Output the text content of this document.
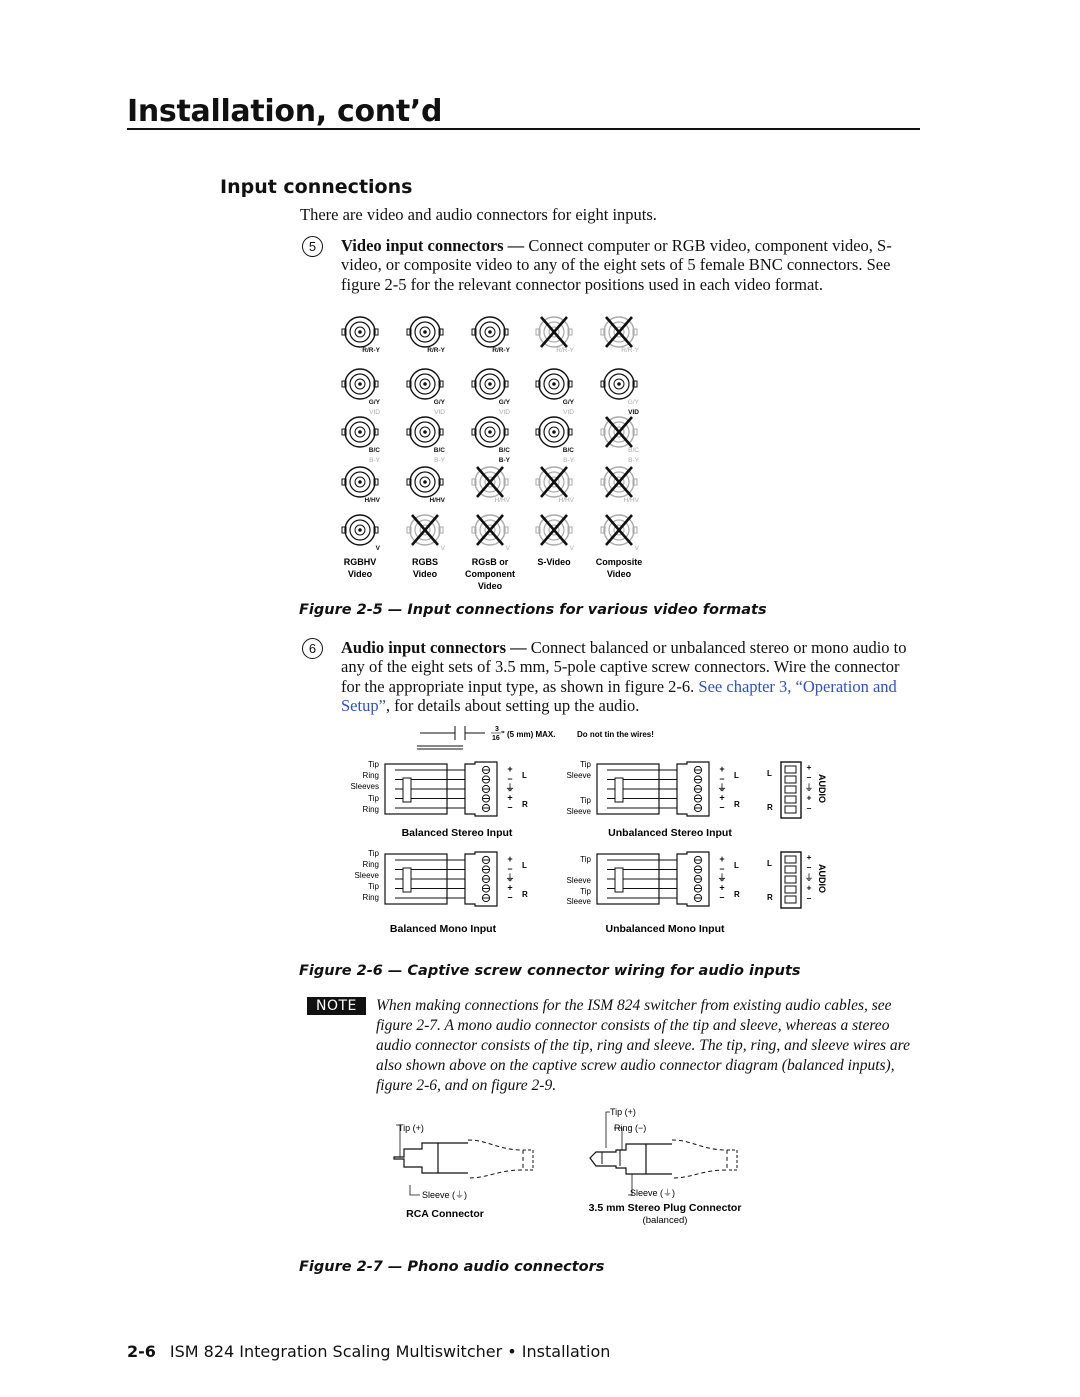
Installation, cont’d
Input connections
There are video and audio connectors for eight inputs.
5	Video input connectors — Connect computer or RGB video, component video, S-video, or composite video to any of the eight sets of 5 female BNC connectors. See figure 2-5 for the relevant connector positions used in each video format.
R/R-Y	R/R-Y	R/R-Y	R/R-Y	R/R-Y
G/Y
VID
G/Y
VID
G/Y
VID
G/Y
VID
G/Y
VID
B/C
B-Y
B/C
B-Y
B/C
B-Y
B/C
B-Y
B/C
B-Y
H/HV	H/HV	H/HV	H/HV	H/HV
V	V	V	V	V
RGBHV
Video
RGBS
Video
RGsB or
Component
Video
S-Video	Composite
Video
Figure 2-5 — Input connections for various video formats
6	Audio input connectors — Connect balanced or unbalanced stereo or mono audio to any of the eight sets of 3.5 mm, 5-pole captive screw connectors. Wire the connector for the appropriate input type, as shown in figure 2-6. See chapter 3, “Operation and Setup”, for details about setting up the audio.
3
16 " (5 mm) MAX.	Do not tin the wires!
Tip
Ring
Sleeves
Tip
Ring
+
–
⏚
+
–
L
R
Tip
Sleeve
Tip
Sleeve
+
–
⏚
+
–
L
R
Tip
Ring
Sleeve
Tip
Ring
+
–
⏚
+
–
L
R
Tip
Sleeve
Tip
Sleeve
+
–
⏚
+
–
L
R
+
–
⏚
+
–
AUDIO
L
R
+
–
⏚
+
–
AUDIO
L
R
Balanced Stereo Input	Unbalanced Stereo Input
Balanced Mono Input	Unbalanced Mono Input
Figure 2-6 — Captive screw connector wiring for audio inputs
NOTE	When making connections for the ISM 824 switcher from existing audio cables, see figure 2-7. A mono audio connector consists of the tip and sleeve, whereas a stereo audio connector consists of the tip, ring and sleeve. The tip, ring, and sleeve wires are also shown above on the captive screw audio connector diagram (balanced inputs), figure 2-6, and on figure 2-9.
Tip (+)
Sleeve (⏚)
RCA Connector
Tip (+)
Ring (−)
Sleeve (⏚)
3.5 mm Stereo Plug Connector
(balanced)
Figure 2-7 — Phono audio connectors
2-6 ISM 824 Integration Scaling Multiswitcher • Installation
